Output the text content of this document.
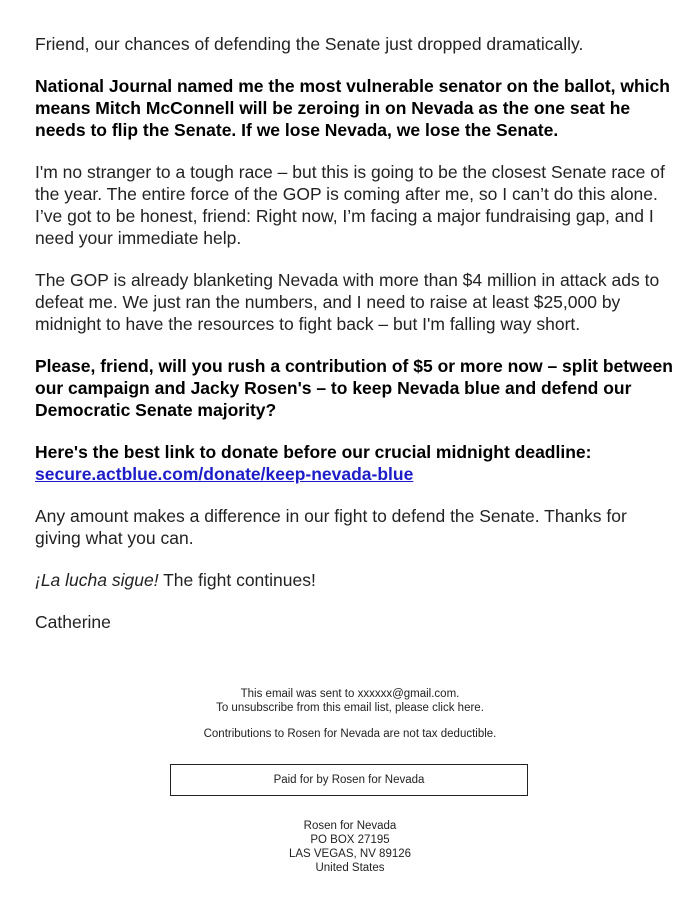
Friend, our chances of defending the Senate just dropped dramatically.

National Journal named me the most vulnerable senator on the ballot, which means Mitch McConnell will be zeroing in on Nevada as the one seat he needs to flip the Senate. If we lose Nevada, we lose the Senate.

I'm no stranger to a tough race – but this is going to be the closest Senate race of the year. The entire force of the GOP is coming after me, so I can’t do this alone. I’ve got to be honest, friend: Right now, I’m facing a major fundraising gap, and I need your immediate help.

The GOP is already blanketing Nevada with more than $4 million in attack ads to defeat me. We just ran the numbers, and I need to raise at least $25,000 by midnight to have the resources to fight back – but I'm falling way short.

Please, friend, will you rush a contribution of $5 or more now – split between our campaign and Jacky Rosen's – to keep Nevada blue and defend our Democratic Senate majority?

Here's the best link to donate before our crucial midnight deadline:
secure.actblue.com/donate/keep-nevada-blue

Any amount makes a difference in our fight to defend the Senate. Thanks for giving what you can.

¡La lucha sigue! The fight continues!

Catherine

This email was sent to xxxxxx@gmail.com.

To unsubscribe from this email list, please click here.

Contributions to Rosen for Nevada are not tax deductible.

Paid for by Rosen for Nevada
Rosen for Nevada
PO BOX 27195
LAS VEGAS, NV 89126
United States
